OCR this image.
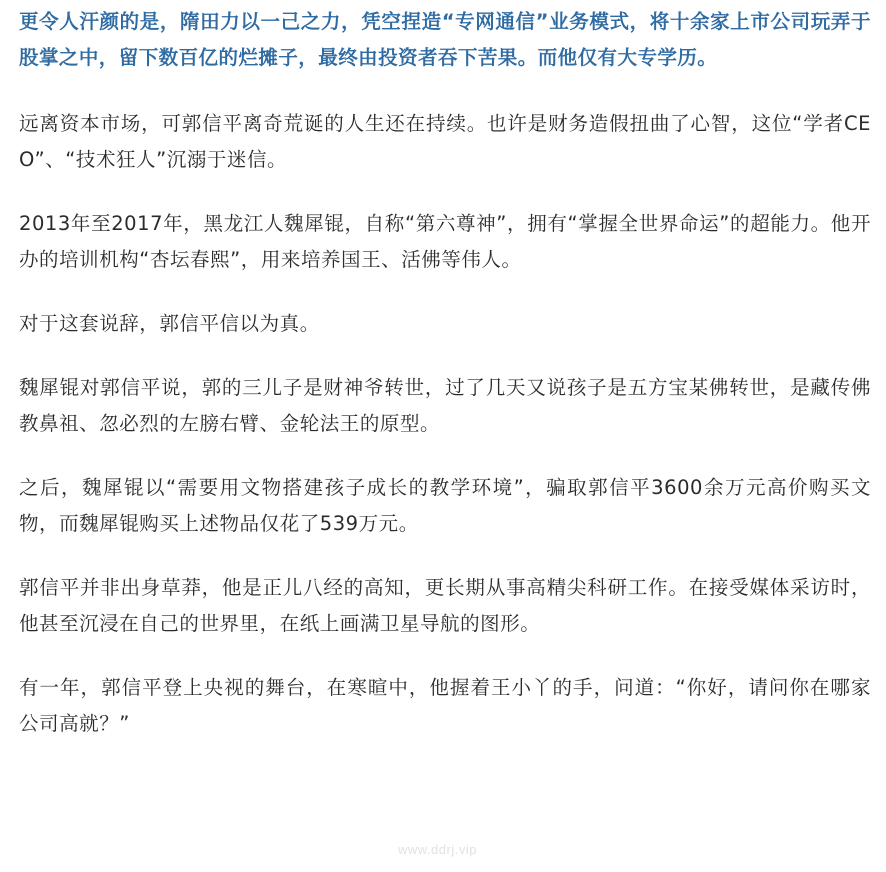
更令人汗颜的是，隋田力以一己之力，凭空捏造“专网通信”业务模式，将十余家上市公司玩弄于股掌之中，留下数百亿的烂摊子，最终由投资者吞下苦果。而他仅有大专学历。

远离资本市场，可郭信平离奇荒诞的人生还在持续。也许是财务造假扭曲了心智，这位“学者CEO”、“技术狂人”沉溺于迷信。

2013年至2017年，黑龙江人魏犀锟，自称“第六尊神”，拥有“掌握全世界命运”的超能力。他开办的培训机构“杏坛春熙”，用来培养国王、活佛等伟人。

对于这套说辞，郭信平信以为真。

魏犀锟对郭信平说，郭的三儿子是财神爷转世，过了几天又说孩子是五方宝某佛转世，是藏传佛教鼻祖、忽必烈的左膀右臂、金轮法王的原型。

之后，魏犀锟以“需要用文物搭建孩子成长的教学环境”，骗取郭信平3600余万元高价购买文物，而魏犀锟购买上述物品仅花了539万元。

郭信平并非出身草莽，他是正儿八经的高知，更长期从事高精尖科研工作。在接受媒体采访时，他甚至沉浸在自己的世界里，在纸上画满卫星导航的图形。

有一年，郭信平登上央视的舞台，在寒暄中，他握着王小丫的手，问道：“你好，请问你在哪家公司高就？”

www.ddrj.vip
